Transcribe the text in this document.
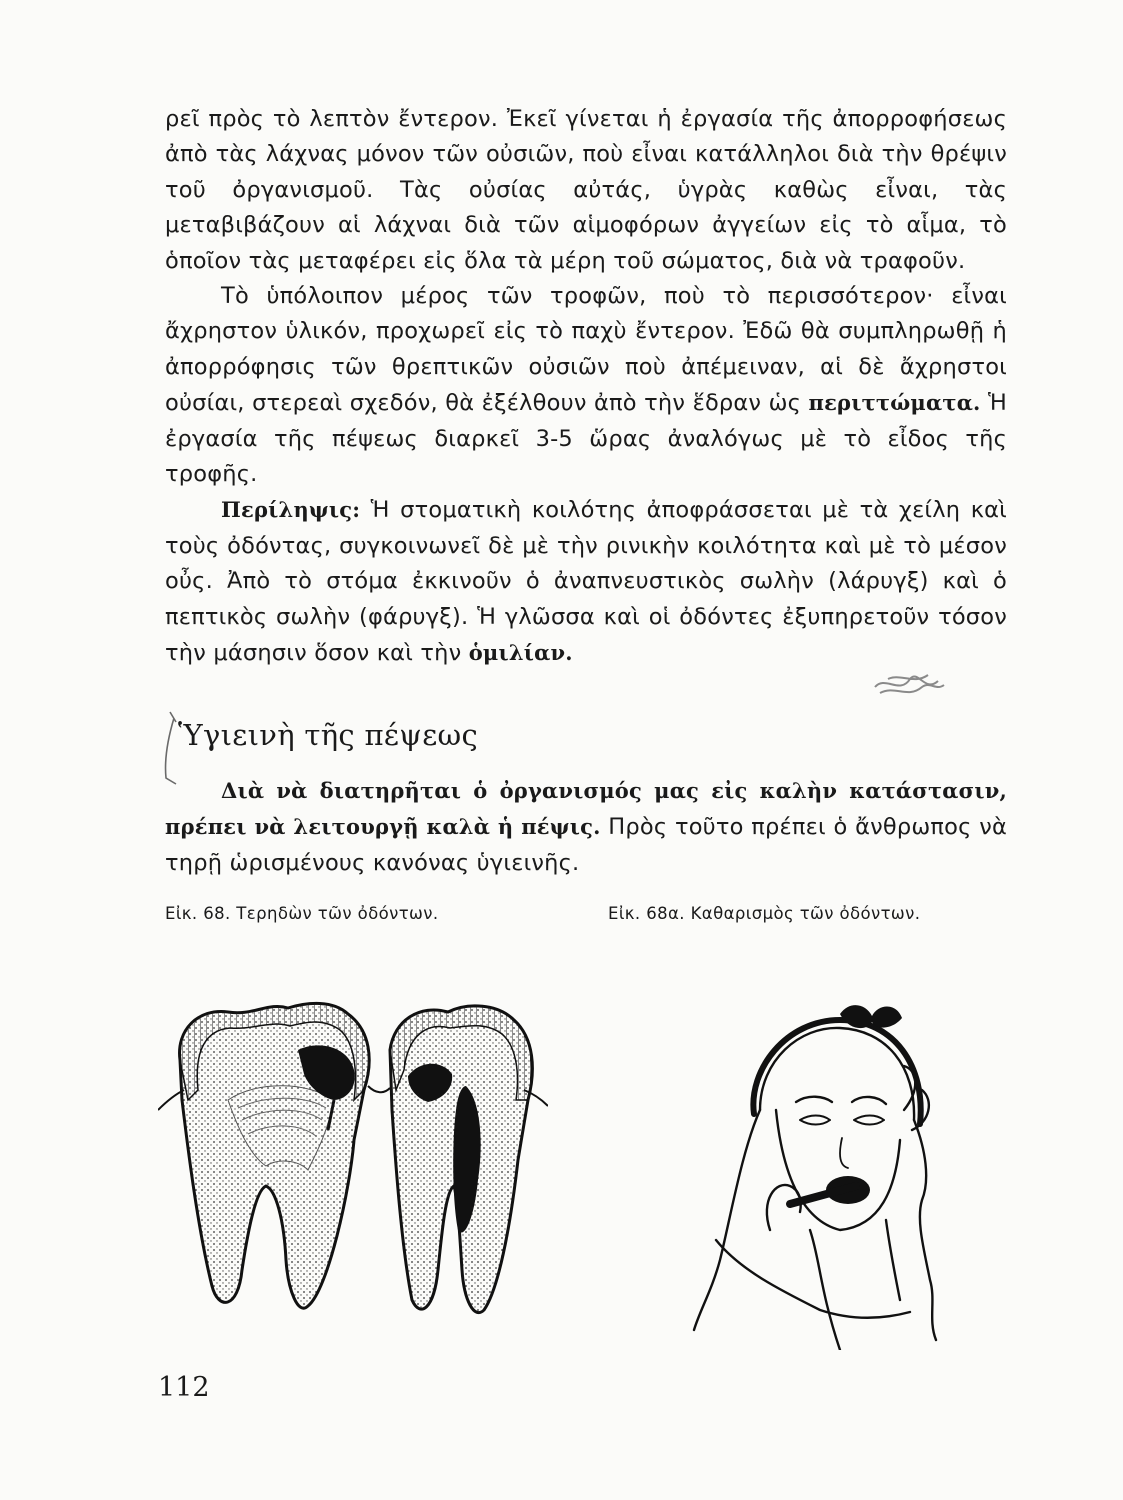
ρεῖ πρὸς τὸ λεπτὸν ἔντερον. Ἐκεῖ γίνεται ἡ ἐργασία τῆς ἀπορροφήσεως ἀπὸ τὰς λάχνας μόνον τῶν οὐσιῶν, ποὺ εἶναι κατάλληλοι διὰ τὴν θρέψιν τοῦ ὀργανισμοῦ. Τὰς οὐσίας αὐτάς, ὑγρὰς καθὼς εἶναι, τὰς μεταβιβάζουν αἱ λάχναι διὰ τῶν αἱμοφόρων ἀγγείων εἰς τὸ αἷμα, τὸ ὁποῖον τὰς μεταφέρει εἰς ὅλα τὰ μέρη τοῦ σώματος, διὰ νὰ τραφοῦν.

Τὸ ὑπόλοιπον μέρος τῶν τροφῶν, ποὺ τὸ περισσότερον· εἶναι ἄχρηστον ὑλικόν, προχωρεῖ εἰς τὸ παχὺ ἔντερον. Ἐδῶ θὰ συμπληρωθῇ ἡ ἀπορρόφησις τῶν θρεπτικῶν οὐσιῶν ποὺ ἀπέμειναν, αἱ δὲ ἄχρηστοι οὐσίαι, στερεαὶ σχεδόν, θὰ ἐξέλθουν ἀπὸ τὴν ἕδραν ὡς περιττώματα. Ἡ ἐργασία τῆς πέψεως διαρκεῖ 3-5 ὥρας ἀναλόγως μὲ τὸ εἶδος τῆς τροφῆς.

Περίληψις: Ἡ στοματικὴ κοιλότης ἀποφράσσεται μὲ τὰ χείλη καὶ τοὺς ὀδόντας, συγκοινωνεῖ δὲ μὲ τὴν ρινικὴν κοιλότητα καὶ μὲ τὸ μέσον οὖς. Ἀπὸ τὸ στόμα ἐκκινοῦν ὁ ἀναπνευστικὸς σωλὴν (λάρυγξ) καὶ ὁ πεπτικὸς σωλὴν (φάρυγξ). Ἡ γλῶσσα καὶ οἱ ὀδόντες ἐξυπηρετοῦν τόσον τὴν μάσησιν ὅσον καὶ τὴν ὁμιλίαν.

Ὑγιεινὴ τῆς πέψεως

Διὰ νὰ διατηρῆται ὁ ὀργανισμός μας εἰς καλὴν κατάστασιν, πρέπει νὰ λειτουργῇ καλὰ ἡ πέψις. Πρὸς τοῦτο πρέπει ὁ ἄνθρωπος νὰ τηρῇ ὡρισμένους κανόνας ὑγιεινῆς.

Εἰκ. 68. Τερηδὼν τῶν ὀδόντων.	Εἰκ. 68α. Καθαρισμὸς τῶν ὀδόντων.

112
